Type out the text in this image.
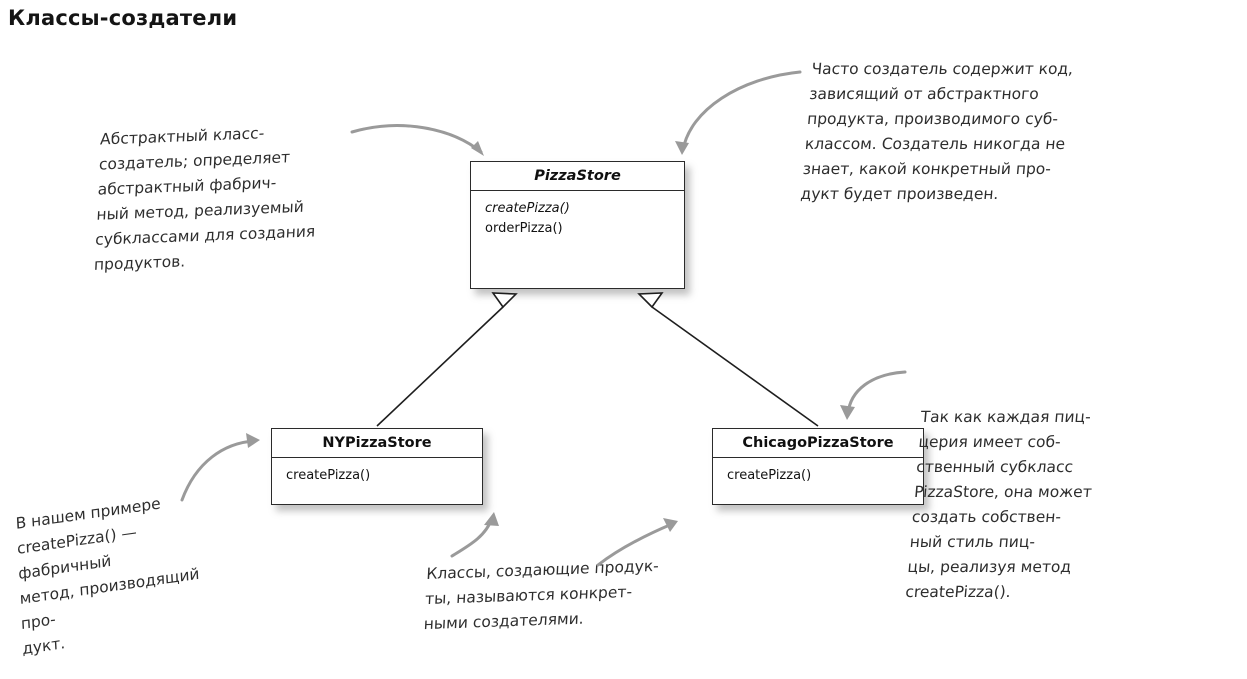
Классы-создатели
PizzaStore
createPizza()
orderPizza()
NYPizzaStore
createPizza()
ChicagoPizzaStore
createPizza()
Абстрактный класс-
создатель; определяет
абстрактный фабрич-
ный метод, реализуемый
субклассами для создания
продуктов.
Часто создатель содержит код,
зависящий от абстрактного
продукта, производимого суб-
классом. Создатель никогда не
знает, какой конкретный про-
дукт будет произведен.
Так как каждая пиц-
церия имеет соб-
ственный субкласс
PizzaStore, она может
создать собствен-
ный стиль пиц-
цы, реализуя метод
createPizza().
В нашем примере
createPizza() — фабричный
метод, производящий про-
дукт.
Классы, создающие продук-
ты, называются конкрет-
ными создателями.
